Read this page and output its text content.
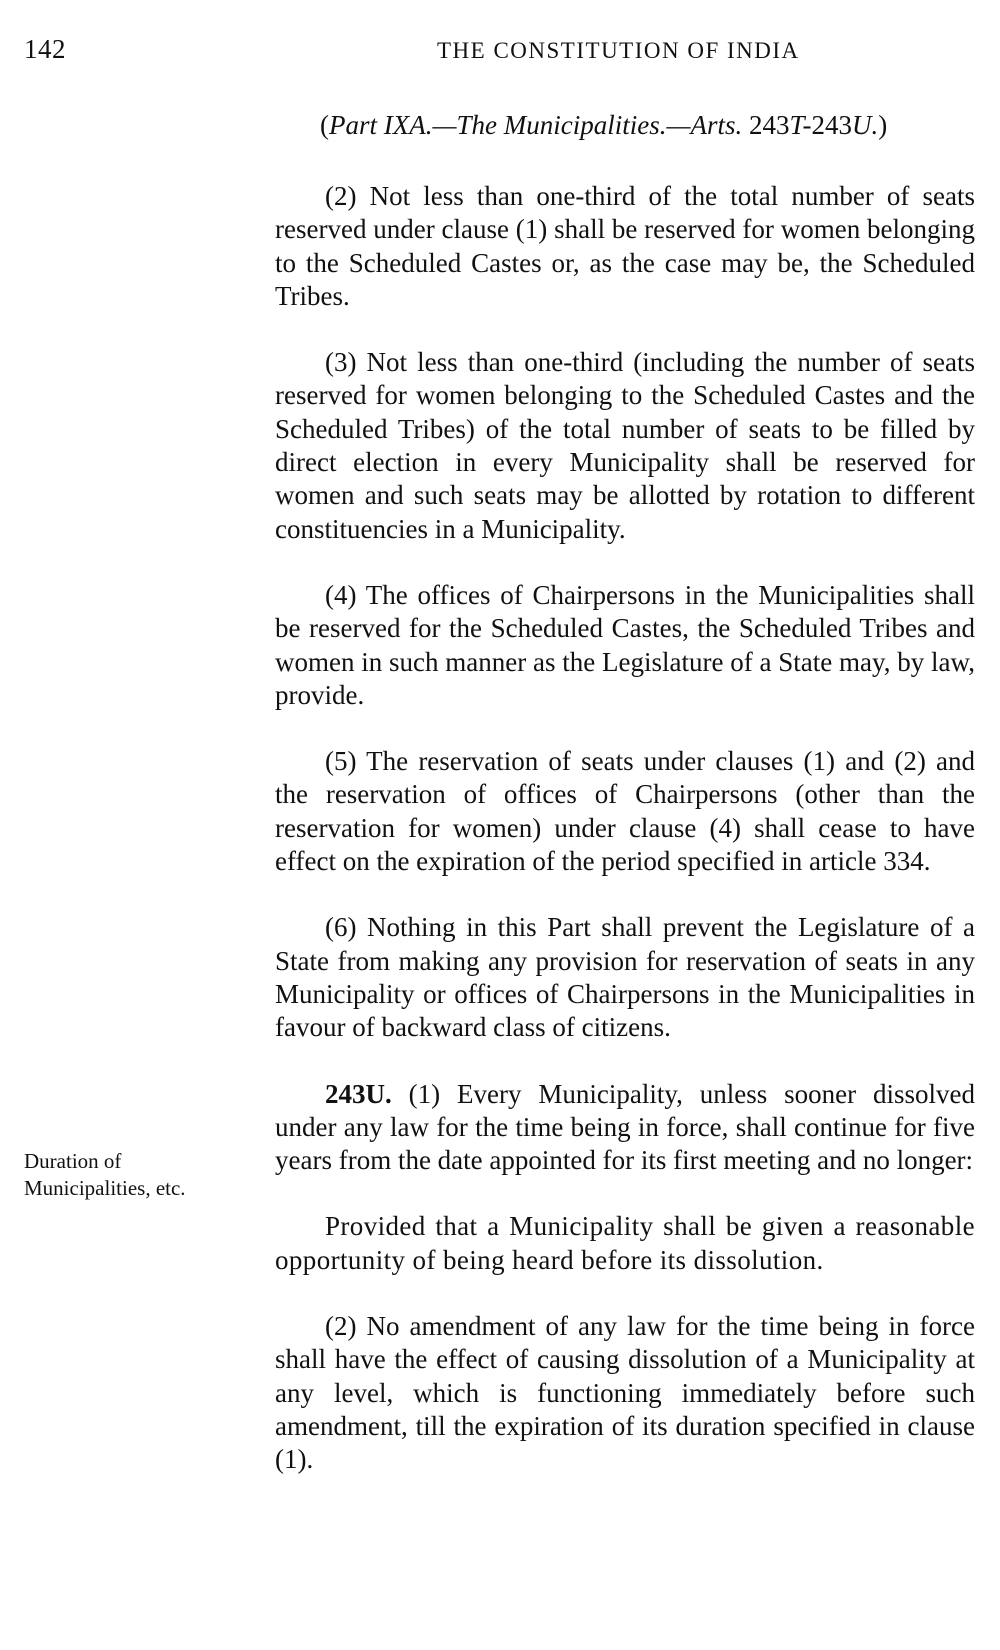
142	THE CONSTITUTION OF INDIA
(Part IXA.—The Municipalities.—Arts. 243T-243U.)

(2) Not less than one-third of the total number of seats reserved under clause (1) shall be reserved for women belonging to the Scheduled Castes or, as the case may be, the Scheduled Tribes.

(3) Not less than one-third (including the number of seats reserved for women belonging to the Scheduled Castes and the Scheduled Tribes) of the total number of seats to be filled by direct election in every Municipality shall be reserved for women and such seats may be allotted by rotation to different constituencies in a Municipality.

(4) The offices of Chairpersons in the Municipalities shall be reserved for the Scheduled Castes, the Scheduled Tribes and women in such manner as the Legislature of a State may, by law, provide.

(5) The reservation of seats under clauses (1) and (2) and the reservation of offices of Chairpersons (other than the reservation for women) under clause (4) shall cease to have effect on the expiration of the period specified in article 334.

(6) Nothing in this Part shall prevent the Legislature of a State from making any provision for reservation of seats in any Municipality or offices of Chairpersons in the Municipalities in favour of backward class of citizens.

243U. (1) Every Municipality, unless sooner dissolved under any law for the time being in force, shall continue for five years from the date appointed for its first meeting and no longer:

Provided that a Municipality shall be given a reasonable opportunity of being heard before its dissolution.

(2) No amendment of any law for the time being in force shall have the effect of causing dissolution of a Municipality at any level, which is functioning immediately before such amendment, till the expiration of its duration specified in clause (1).

Duration of Municipalities, etc.
